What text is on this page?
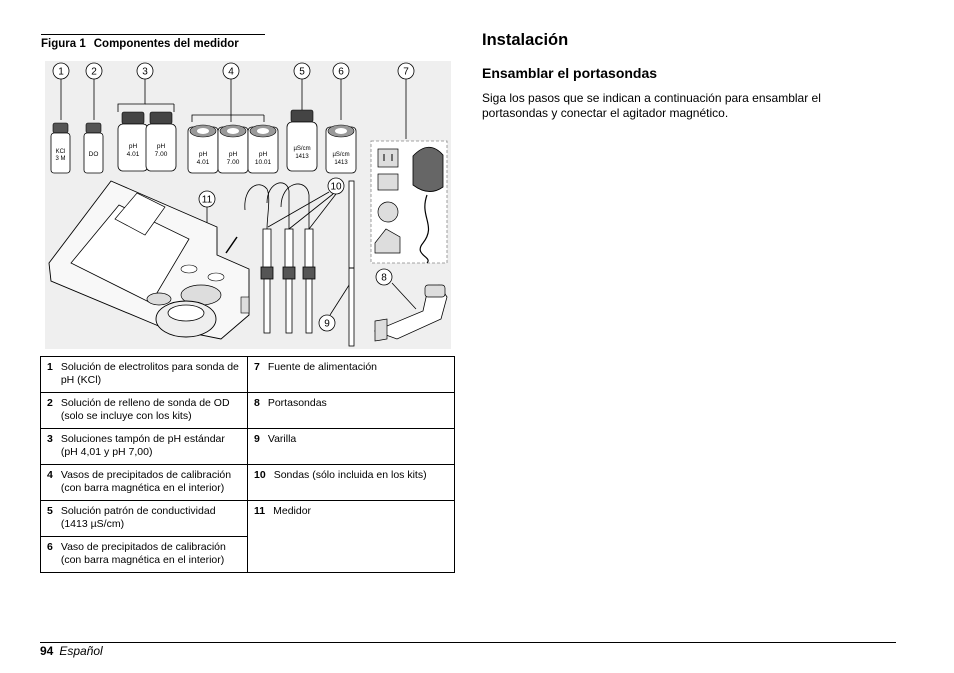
Figura 1 Componentes del medidor
1	2	3	4	5	6	7
10
11
8
9
KCl
3 M
DO
pH
4.01
pH
7.00	pH
4.01
pH
7.00
pH
10.01
µS/cm
1413	µS/cm
1413
1 Solución de electrolitos para sonda de pH (KCl)	7 Fuente de alimentación

2 Solución de relleno de sonda de OD (solo se incluye con los kits)	8 Portasondas

3 Soluciones tampón de pH estándar (pH 4,01 y pH 7,00)	9 Varilla

4 Vasos de precipitados de calibración (con barra magnética en el interior)	10 Sondas (sólo incluida en los kits)

5 Solución patrón de conductividad (1413 µS/cm)	11 Medidor

6 Vaso de precipitados de calibración (con barra magnética en el interior)	
Instalación
Ensamblar el portasondas

Siga los pasos que se indican a continuación para ensamblar el portasondas y conectar el agitador magnético.

94 Español
